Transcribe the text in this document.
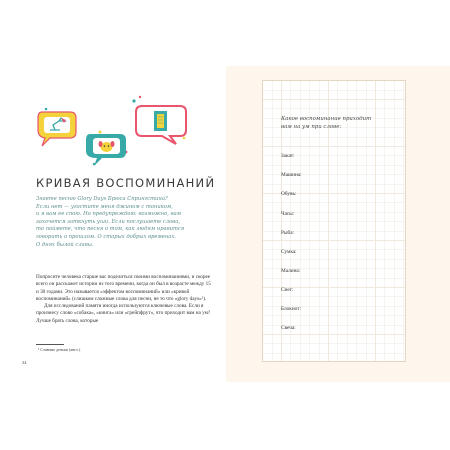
КРИВАЯ ВОСПОМИНАНИЙ

Знаете песню Glory Days Брюса Спрингстина?

Если нет — угостите меня джином с тоником,

и я вам ее спою. Но предупреждаю: возможно, вам

захочется заткнуть уши. Если послушаете слова,

то поймете, что песня о том, как людям нравится

говорить о прошлом. О старых добрых временах.

О днях былой славы.

Попросите человека старше вас поделиться своими воспоминаниями, и скорее всего он расскажет истории из того времени, когда он был в возрасте между 15 и 30 годами. Это называется «эффектом воспоминаний» или «кривой воспоминаний» (слишком сложные слова для песни, не то что «glory days»¹).

Для исследований памяти иногда используются ключевые слова. Если я произнесу слово «собака», «книга» или «грейпфрут», что приходит вам на ум? Лучше брать слова, которые

¹ Славные деньки (англ.).
34

Какое воспоминание приходит

вам на ум при слове:

Закат:
Машина:
Обувь:
Часы:
Рыба:
Сумка:
Малина:
Снег:
Блокнот:
Свеча:
